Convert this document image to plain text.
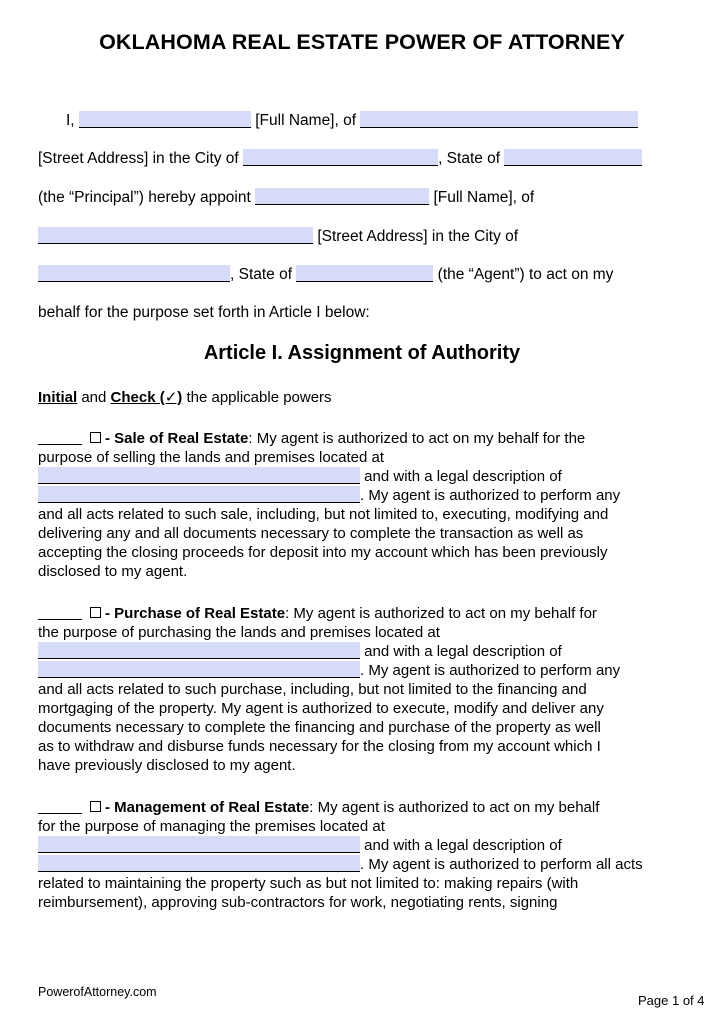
OKLAHOMA REAL ESTATE POWER OF ATTORNEY
I,	[Full Name], of
[Street Address] in the City of	, State of
(the “Principal”) hereby appoint	[Full Name], of
[Street Address] in the City of
, State of	(the “Agent”) to act on my
behalf for the purpose set forth in Article I below:
Article I. Assignment of Authority
Initial and Check (✓) the applicable powers
- Sale of Real Estate: My agent is authorized to act on my behalf for the
purpose of selling the lands and premises located at
and with a legal description of
. My agent is authorized to perform any
and all acts related to such sale, including, but not limited to, executing, modifying and
delivering any and all documents necessary to complete the transaction as well as
accepting the closing proceeds for deposit into my account which has been previously
disclosed to my agent.
- Purchase of Real Estate: My agent is authorized to act on my behalf for
the purpose of purchasing the lands and premises located at
and with a legal description of
. My agent is authorized to perform any
and all acts related to such purchase, including, but not limited to the financing and
mortgaging of the property. My agent is authorized to execute, modify and deliver any
documents necessary to complete the financing and purchase of the property as well
as to withdraw and disburse funds necessary for the closing from my account which I
have previously disclosed to my agent.
- Management of Real Estate: My agent is authorized to act on my behalf
for the purpose of managing the premises located at
and with a legal description of
. My agent is authorized to perform all acts
related to maintaining the property such as but not limited to: making repairs (with
reimbursement), approving sub-contractors for work, negotiating rents, signing
PowerofAttorney.com
Page 1 of 4
